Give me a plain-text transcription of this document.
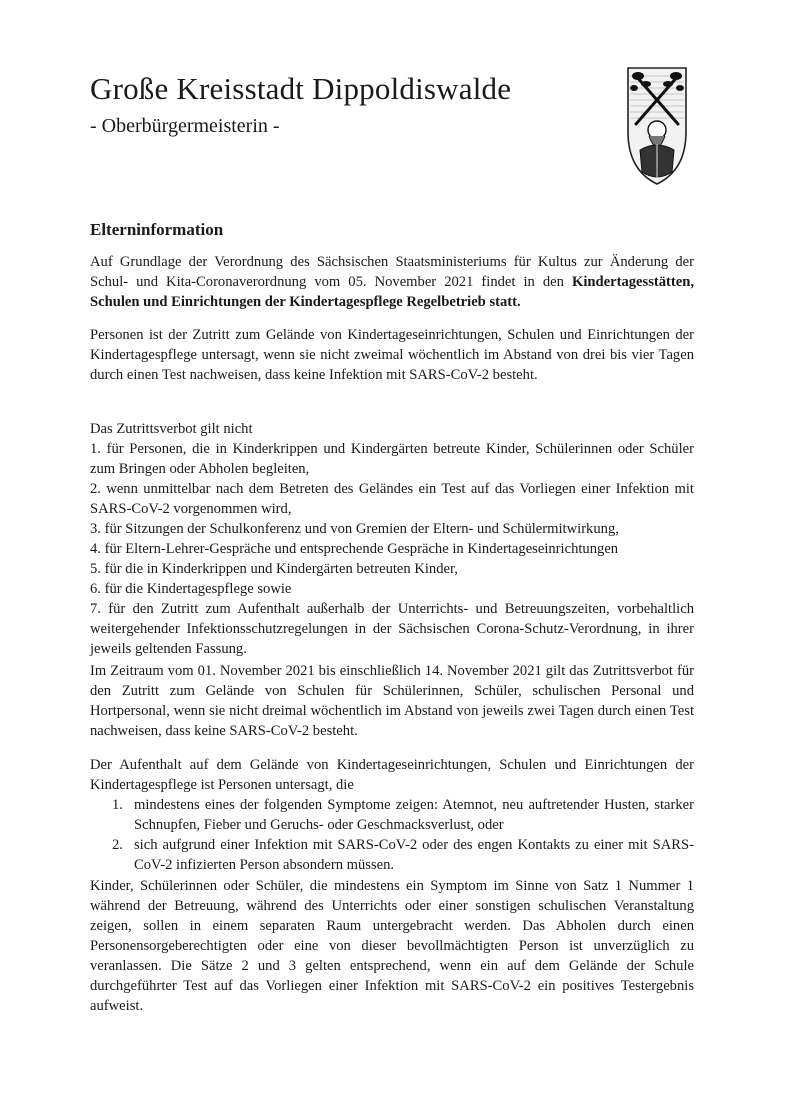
Große Kreisstadt Dippoldiswalde
- Oberbürgermeisterin -
Elterninformation
Auf Grundlage der Verordnung des Sächsischen Staatsministeriums für Kultus zur Änderung der Schul- und Kita-Coronaverordnung vom 05. November 2021 findet in den Kindertagesstätten, Schulen und Einrichtungen der Kindertagespflege Regelbetrieb statt.
Personen ist der Zutritt zum Gelände von Kindertageseinrichtungen, Schulen und Einrichtungen der Kindertagespflege untersagt, wenn sie nicht zweimal wöchentlich im Abstand von drei bis vier Tagen durch einen Test nachweisen, dass keine Infektion mit SARS-CoV-2 besteht.
Das Zutrittsverbot gilt nicht
1. für Personen, die in Kinderkrippen und Kindergärten betreute Kinder, Schülerinnen oder Schüler zum Bringen oder Abholen begleiten,
2. wenn unmittelbar nach dem Betreten des Geländes ein Test auf das Vorliegen einer Infektion mit SARS-CoV-2 vorgenommen wird,
3. für Sitzungen der Schulkonferenz und von Gremien der Eltern- und Schülermitwirkung,
4. für Eltern-Lehrer-Gespräche und entsprechende Gespräche in Kindertageseinrichtungen
5. für die in Kinderkrippen und Kindergärten betreuten Kinder,
6. für die Kindertagespflege sowie
7. für den Zutritt zum Aufenthalt außerhalb der Unterrichts- und Betreuungszeiten, vorbehaltlich weitergehender Infektionsschutzregelungen in der Sächsischen Corona-Schutz-Verordnung, in ihrer jeweils geltenden Fassung.
Im Zeitraum vom 01. November 2021 bis einschließlich 14. November 2021 gilt das Zutrittsverbot für den Zutritt zum Gelände von Schulen für Schülerinnen, Schüler, schulischen Personal und Hortpersonal, wenn sie nicht dreimal wöchentlich im Abstand von jeweils zwei Tagen durch einen Test nachweisen, dass keine SARS-CoV-2 besteht.
Der Aufenthalt auf dem Gelände von Kindertageseinrichtungen, Schulen und Einrichtungen der Kindertagespflege ist Personen untersagt, die
1. mindestens eines der folgenden Symptome zeigen: Atemnot, neu auftretender Husten, starker Schnupfen, Fieber und Geruchs- oder Geschmacksverlust, oder
2. sich aufgrund einer Infektion mit SARS-CoV-2 oder des engen Kontakts zu einer mit SARS-CoV-2 infizierten Person absondern müssen.
Kinder, Schülerinnen oder Schüler, die mindestens ein Symptom im Sinne von Satz 1 Nummer 1 während der Betreuung, während des Unterrichts oder einer sonstigen schulischen Veranstaltung zeigen, sollen in einem separaten Raum untergebracht werden. Das Abholen durch einen Personensorgeberechtigten oder eine von dieser bevollmächtigten Person ist unverzüglich zu veranlassen. Die Sätze 2 und 3 gelten entsprechend, wenn ein auf dem Gelände der Schule durchgeführter Test auf das Vorliegen einer Infektion mit SARS-CoV-2 ein positives Testergebnis aufweist.
